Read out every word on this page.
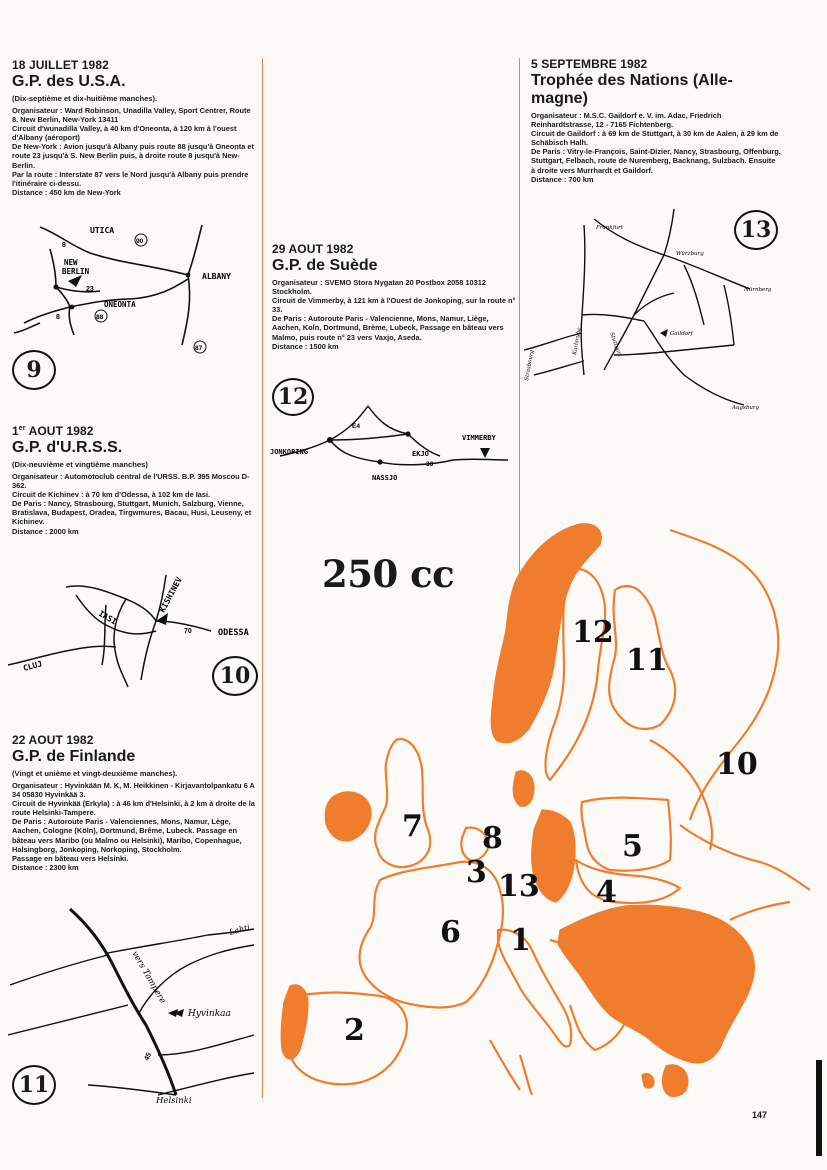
18 JUILLET 1982
G.P. des U.S.A.
(Dix-septième et dix-huitième manches).

Organisateur : Ward Robinson, Unadilla Valley, Sport Centrer, Route 8. New Berlin, New-York 13411

Circuit d'wunadilla Valley, à 40 km d'Oneonta, à 120 km à l'ouest d'Albany (aéroport)

De New-York : Avion jusqu'à Albany puis route 88 jusqu'à Oneonta et route 23 jusqu'à S. New Berlin puis, à droite route 8 jusqu'à New-Berlin.

Par la route : Interstate 87 vers le Nord jusqu'à Albany puis prendre l'itinéraire ci-dessu.

Distance : 450 km de New-York

UTICA
NEW
BERLIN
ONEONTA
ALBANY
8
8
23
88
90
87
9
1er AOUT 1982
G.P. d'U.R.S.S.
(Dix-neuvième et vingtième manches)

Organisateur : Automotoclub central de l'URSS. B.P. 395 Moscou D-362.

Circuit de Kichinev : à 70 km d'Odessa, à 102 km de Iasi.

De Paris : Nancy, Strasbourg, Stuttgart, Munich, Salzburg, Vienne, Bratislava, Budapest, Oradea, Tirgwmures, Bacau, Husi, Leuseny, et Kichinev.

Distance : 2000 km

KISHINEV
IASI
ODESSA
CLUJ
70
10
22 AOUT 1982
G.P. de Finlande
(Vingt et unième et vingt-deuxième manches).

Organisateur : Hyvinkään M. K, M. Heikkinen - Kirjavantolpankatu 6 A 34 05830 Hyvinkää 3.

Circuit de Hyvinkää (Erkyla) : à 46 km d'Helsinki, à 2 km à droite de la route Helsinki-Tampere.

De Paris : Autoroute Paris - Valenciennes, Mons, Namur, Lège, Aachen, Cologne (Köln), Dortmund, Brême, Lubeck. Passage en bâteau vers Maribo (ou Malmo ou Helsinki), Maribo, Copenhague, Halsingborg, Jonkoping, Norkoping, Stockholm.

Passage en bâteau vers Helsinki.

Distance : 2300 km

Lahti
vers Tampere
Hyvinkaa
Helsinki
45
11
29 AOUT 1982
G.P. de Suède

Organisateur : SVEMO Stora Nygatan 20 Postbox 2058 10312 Stockholm.

Circuit de Vimmerby, à 121 km à l'Ouest de Jonkoping, sur la route n° 33.

De Paris : Autoroute Paris - Valencienne, Mons, Namur, Liège, Aachen, Koln, Dortmund, Brème, Lubeck, Passage en bâteau vers Malmo, puis route n° 23 vers Vaxjo, Aseda.

Distance : 1500 km

12
JONKOPING	EKJO
VIMMERBY
NASSJO
E4
33
5 SEPTEMBRE 1982
Trophée des Nations (Alle-
magne)

Organisateur : M.S.C. Gaildorf e. V. im. Adac, Friedrich Reinhardtstrasse, 12 - 7165 Fichtenberg.

Circuit de Gaildorf : à 69 km de Stuttgart, à 30 km de Aalen, à 29 km de Schäbisch Halh.

De Paris : Vitry-le-François, Saint-Dizier, Nancy, Strasbourg, Offenburg, Stuttgart, Felbach, route de Nuremberg, Backnang, Sulzbach. Ensuite à droite vers Murrhardt et Gaildorf.

Distance : 700 km

13
Frankfurt
Würzburg
Nürnberg
Karlsruhe	Stuttgart	Gaildorf
Strasbourg
Augsburg
250 cc
12
11
10
7 8	5
3 13 4
6 1
2
147
